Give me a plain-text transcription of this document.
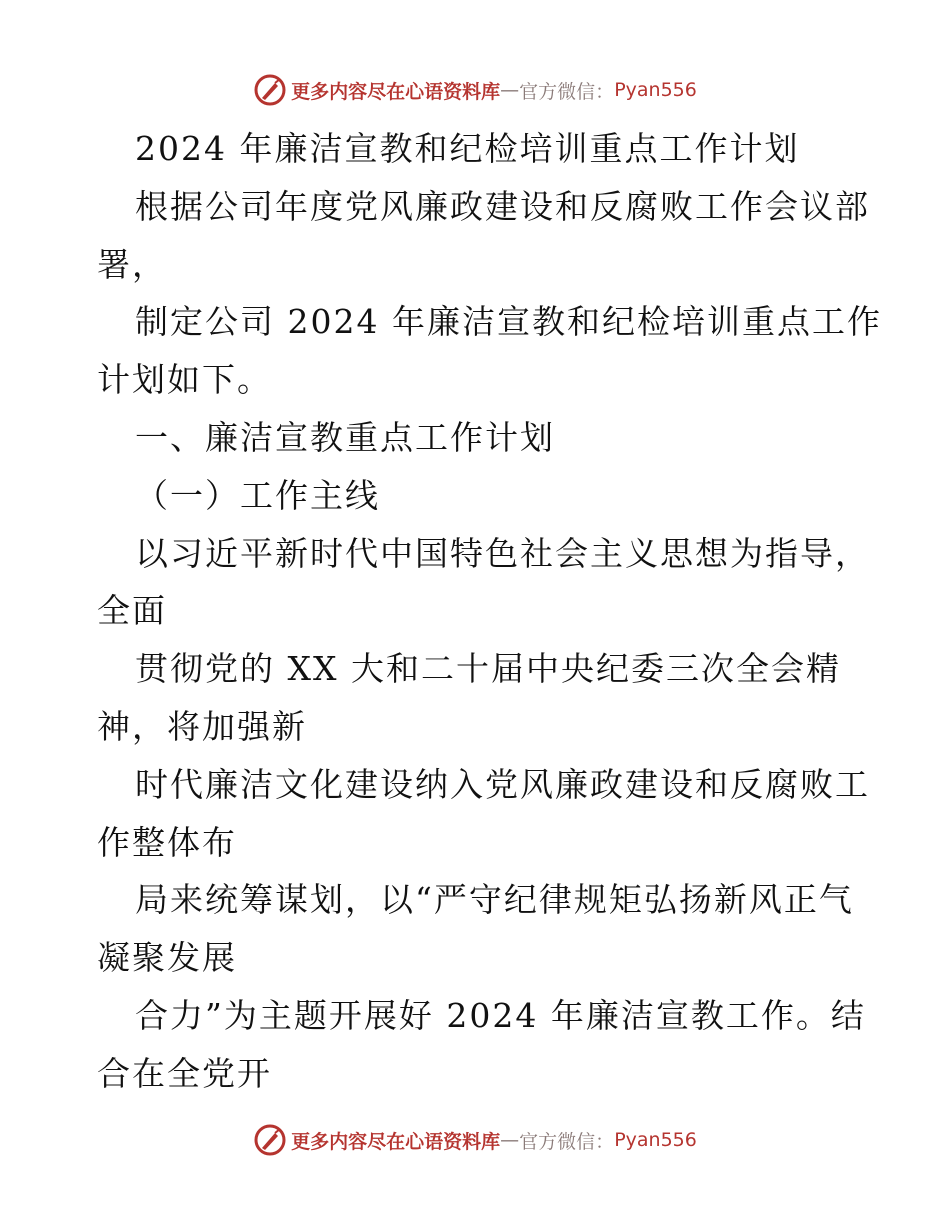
更多内容尽在心语资料库 — 官方微信： Pyan556
2024 年廉洁宣教和纪检培训重点工作计划
根据公司年度党风廉政建设和反腐败工作会议部
署，
制定公司 2024 年廉洁宣教和纪检培训重点工作
计划如下。
一、廉洁宣教重点工作计划
（一）工作主线
以习近平新时代中国特色社会主义思想为指导，
全面
贯彻党的 XX 大和二十届中央纪委三次全会精
神，将加强新
时代廉洁文化建设纳入党风廉政建设和反腐败工
作整体布
局来统筹谋划，以“严守纪律规矩弘扬新风正气
凝聚发展
合力”为主题开展好 2024 年廉洁宣教工作。结
合在全党开
更多内容尽在心语资料库 — 官方微信： Pyan556
